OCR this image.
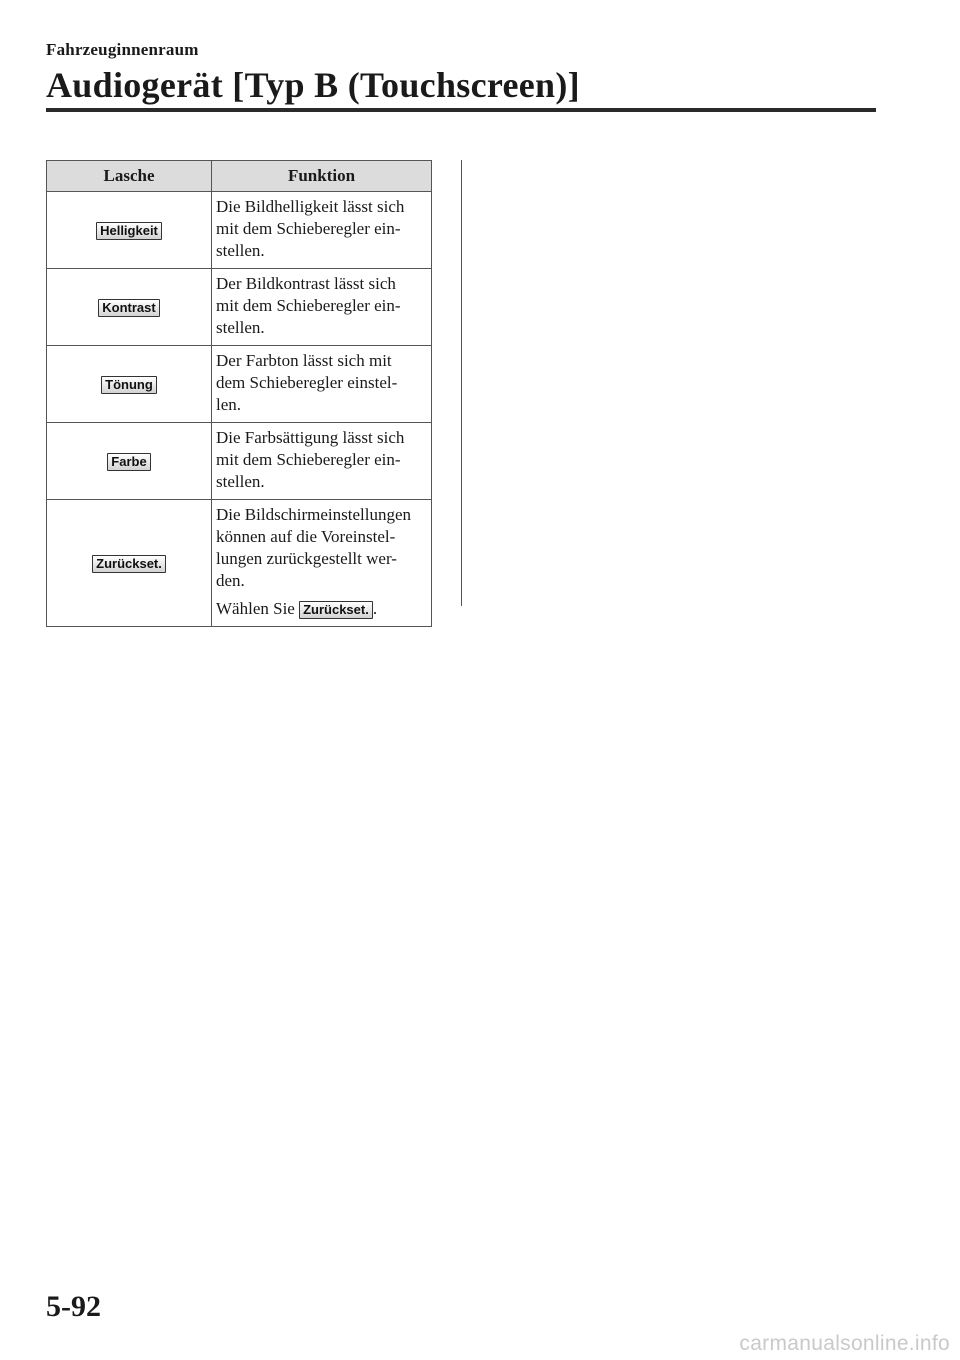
Fahrzeuginnenraum
Audiogerät [Typ B (Touchscreen)]
Lasche	Funktion
Helligkeit	Die Bildhelligkeit lässt sich
mit dem Schieberegler ein-
stellen.

Kontrast	Der Bildkontrast lässt sich
mit dem Schieberegler ein-
stellen.

Tönung	Der Farbton lässt sich mit
dem Schieberegler einstel-
len.

Farbe	Die Farbsättigung lässt sich
mit dem Schieberegler ein-
stellen.

Zurückset.	Die Bildschirmeinstellungen
können auf die Voreinstel-
lungen zurückgestellt wer-
den.
Wählen Sie Zurückset. .
5-92
carmanualsonline.info
